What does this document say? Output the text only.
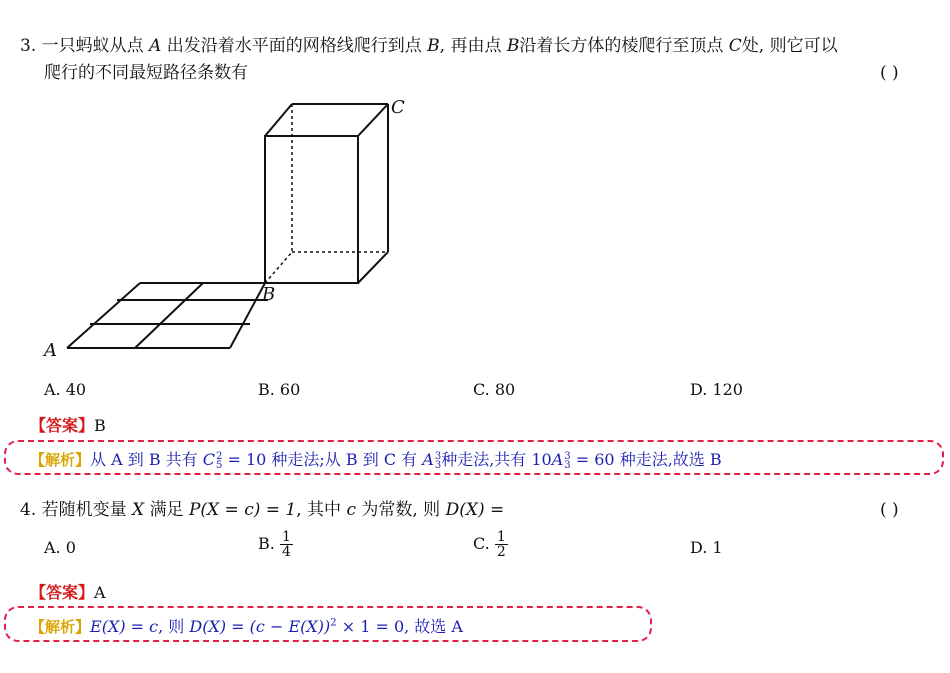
3. 一只蚂蚁从点 A 出发沿着水平面的网格线爬行到点 B, 再由点 B沿着长方体的棱爬行至顶点 C处, 则它可以
爬行的不同最短路径条数有	( )
A
B
C
A. 40	B. 60	C. 80	D. 120
【答案】B
【解析】从 A 到 B 共有 C 2
5 = 10 种走法;从 B 到 C 有 A 3
3 种走法,共有 10A 3
3 = 60 种走法,故选 B
4. 若随机变量 X 满足 P(X = c) = 1, 其中 c 为常数, 则 D(X) =	( )
A. 0	B. $\frac{1}{4}$	C. $\frac{1}{2}$	D. 1
【答案】A
【解析】E(X) = c, 则 $D(X) = (c - E(X))^2 \times 1 = 0$, 故选 A
